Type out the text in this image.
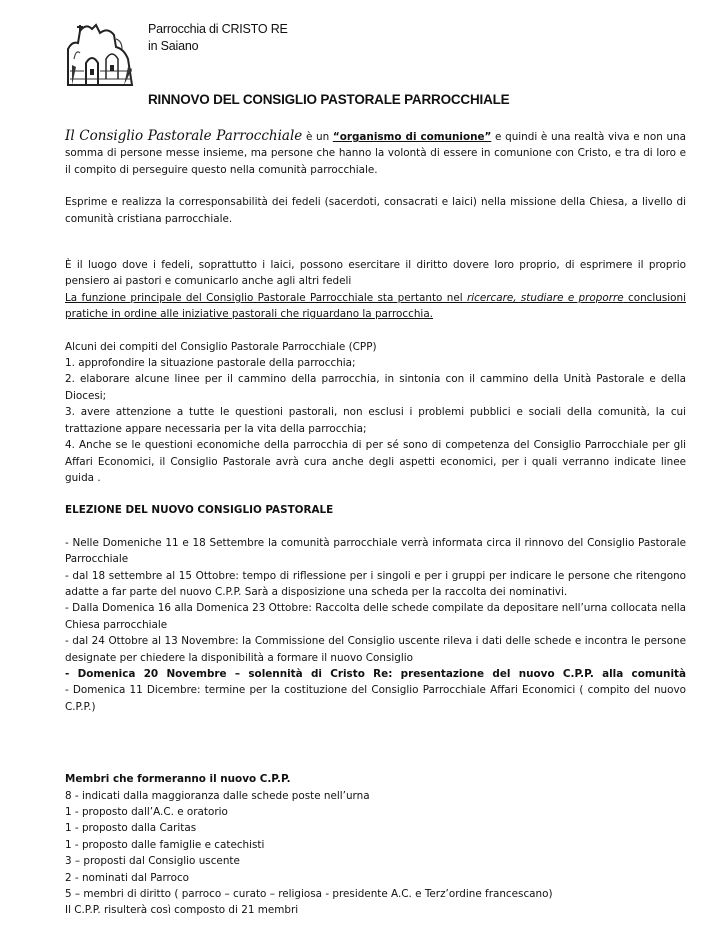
Parrocchia di CRISTO RE
in Saiano
RINNOVO DEL CONSIGLIO PASTORALE PARROCCHIALE

Il Consiglio Pastorale Parrocchiale è un “organismo di comunione” e quindi è una realtà viva e non una somma di persone messe insieme, ma persone che hanno la volontà di essere in comunione con Cristo, e tra di loro e il compito di perseguire questo nella comunità parrocchiale.

Esprime e realizza la corresponsabilità dei fedeli (sacerdoti, consacrati e laici) nella missione della Chiesa, a livello di comunità cristiana parrocchiale.

È il luogo dove i fedeli, soprattutto i laici, possono esercitare il diritto dovere loro proprio, di esprimere il proprio pensiero ai pastori e comunicarlo anche agli altri fedeli

La funzione principale del Consiglio Pastorale Parrocchiale sta pertanto nel ricercare, studiare e proporre conclusioni pratiche in ordine alle iniziative pastorali che riguardano la parrocchia.

Alcuni dei compiti del Consiglio Pastorale Parrocchiale (CPP)

1. approfondire la situazione pastorale della parrocchia;

2. elaborare alcune linee per il cammino della parrocchia, in sintonia con il cammino della Unità Pastorale e della Diocesi;

3. avere attenzione a tutte le questioni pastorali, non esclusi i problemi pubblici e sociali della comunità, la cui trattazione appare necessaria per la vita della parrocchia;

4. Anche se le questioni economiche della parrocchia di per sé sono di competenza del Consiglio Parrocchiale per gli Affari Economici, il Consiglio Pastorale avrà cura anche degli aspetti economici, per i quali verranno indicate linee guida .

ELEZIONE DEL NUOVO CONSIGLIO PASTORALE

- Nelle Domeniche 11 e 18 Settembre la comunità parrocchiale verrà informata circa il rinnovo del Consiglio Pastorale Parrocchiale

- dal 18 settembre al 15 Ottobre: tempo di riflessione per i singoli e per i gruppi per indicare le persone che ritengono adatte a far parte del nuovo C.P.P. Sarà a disposizione una scheda per la raccolta dei nominativi.

- Dalla Domenica 16 alla Domenica 23 Ottobre: Raccolta delle schede compilate da depositare nell’urna collocata nella Chiesa parrocchiale

- dal 24 Ottobre al 13 Novembre: la Commissione del Consiglio uscente rileva i dati delle schede e incontra le persone designate per chiedere la disponibilità a formare il nuovo Consiglio

- Domenica 20 Novembre – solennità di Cristo Re: presentazione del nuovo C.P.P. alla comunità

- Domenica 11 Dicembre: termine per la costituzione del Consiglio Parrocchiale Affari Economici ( compito del nuovo C.P.P.)

Membri che formeranno il nuovo C.P.P.

8 - indicati dalla maggioranza dalle schede poste nell’urna

1 - proposto dall’A.C. e oratorio

1 - proposto dalla Caritas

1 - proposto dalle famiglie e catechisti

3 – proposti dal Consiglio uscente

2 - nominati dal Parroco

5 – membri di diritto ( parroco – curato – religiosa - presidente A.C. e Terz’ordine francescano)

Il C.P.P. risulterà così composto di 21 membri
